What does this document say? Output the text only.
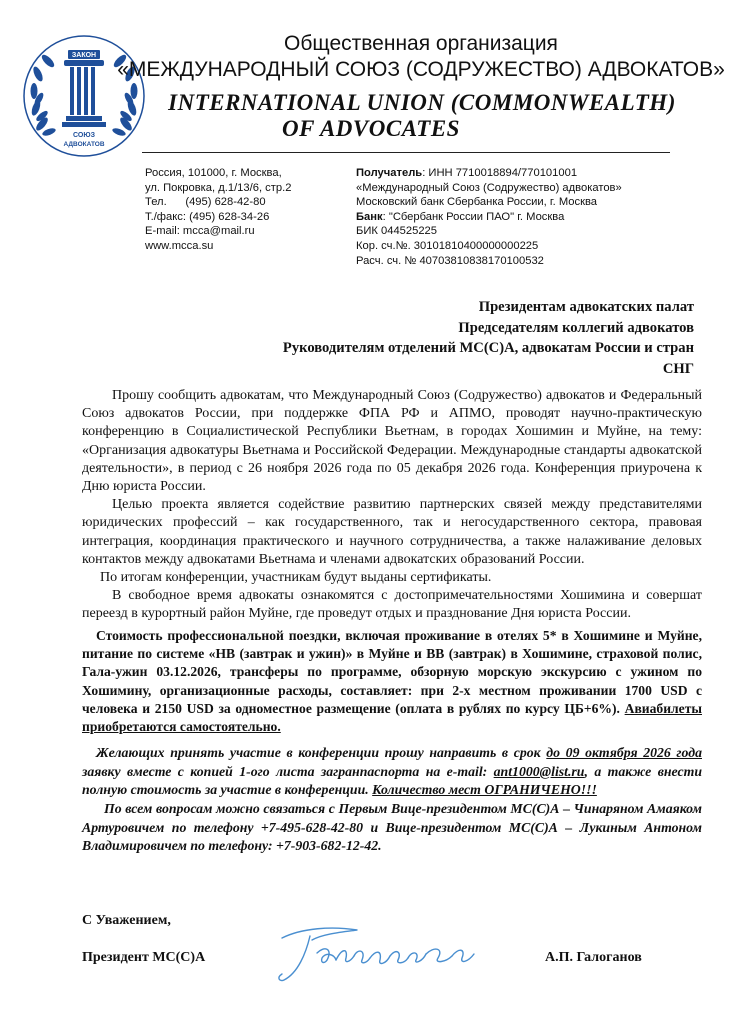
ЗАКОН
СОЮЗ
АДВОКАТОВ
Общественная организация
«МЕЖДУНАРОДНЫЙ СОЮЗ (СОДРУЖЕСТВО) АДВОКАТОВ»
INTERNATIONAL UNION (COMMONWEALTH)
OF ADVOCATES
Россия, 101000, г. Москва,
ул. Покровка, д.1/13/6, стр.2
Тел.      (495) 628-42-80
Т./факс: (495) 628-34-26
E-mail: mcca@mail.ru
www.mcca.su
Получатель: ИНН 7710018894/770101001
«Международный Союз (Содружество) адвокатов»
Московский банк Сбербанка России, г. Москва
Банк: "Сбербанк России ПАО" г. Москва
БИК 044525225
Кор. сч.№. 30101810400000000225
Расч. сч. № 40703810838170100532
Президентам адвокатских палат
Председателям коллегий адвокатов
Руководителям отделений МС(С)А, адвокатам России и стран
СНГ

Прошу сообщить адвокатам, что Международный Союз (Содружество) адвокатов и Федеральный Союз адвокатов России, при поддержке ФПА РФ и АПМО, проводят научно-практическую конференцию в Социалистической Республики Вьетнам, в городах Хошимин и Муйне, на тему: «Организация адвокатуры Вьетнама и Российской Федерации. Международные стандарты адвокатской деятельности», в период с 26 ноября 2026 года по 05 декабря 2026 года. Конференция приурочена к Дню юриста России.

Целью проекта является содействие развитию партнерских связей между представителями юридических профессий – как государственного, так и негосударственного сектора, правовая интеграция, координация практического и научного сотрудничества, а также налаживание деловых контактов между адвокатами Вьетнама и членами адвокатских образований России.

По итогам конференции, участникам будут выданы сертификаты.

В свободное время адвокаты ознакомятся с достопримечательностями Хошимина и совершат переезд в курортный район Муйне, где проведут отдых и празднование Дня юриста России.

Стоимость профессиональной поездки, включая проживание в отелях 5* в Хошимине и Муйне, питание по системе «HB (завтрак и ужин)» в Муйне и BB (завтрак) в Хошимине, страховой полис, Гала-ужин 03.12.2026, трансферы по программе, обзорную морскую экскурсию с ужином по Хошимину, организационные расходы, составляет: при 2-х местном проживании 1700 USD с человека и 2150 USD за одноместное размещение (оплата в рублях по курсу ЦБ+6%). Авиабилеты приобретаются самостоятельно.
Желающих принять участие в конференции прошу направить в срок до 09 октября 2026 года заявку вместе с копией 1-ого листа загранпаспорта на e-mail: ant1000@list.ru, а также внести полную стоимость за участие в конференции. Количество мест ОГРАНИЧЕНО!!!
По всем вопросам можно связаться с Первым Вице-президентом МС(С)А – Чинаряном Амаяком Артуровичем по телефону +7-495-628-42-80 и Вице-президентом МС(С)А – Лукиным Антоном Владимировичем по телефону: +7-903-682-12-42.
С Уважением,
Президент МС(С)А	А.П. Галоганов
